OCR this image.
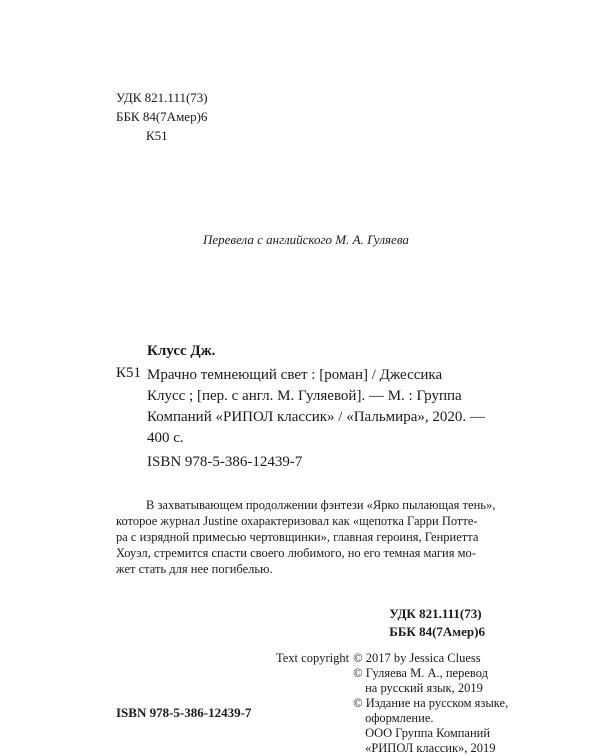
УДК 821.111(73)
ББК 84(7Амер)6
К51
Перевела с английского М. А. Гуляева
Клусс Дж.
К51 Мрачно темнеющий свет : [роман] / Джессика
Клусс ; [пер. с англ. М. Гуляевой]. — М. : Группа
Компаний «РИПОЛ классик» / «Пальмира», 2020. —
400 с.
ISBN 978-5-386-12439-7
В захватывающем продолжении фэнтези «Ярко пылающая тень»,
которое журнал Justine охарактеризовал как «щепотка Гарри Потте-
ра с изрядной примесью чертовщинки», главная героиня, Генриетта
Хоуэл, стремится спасти своего любимого, но его темная магия мо-
жет стать для нее погибелью.
УДК 821.111(73)
ББК 84(7Амер)6
Text copyright	© 2017 by Jessica Cluess
© Гуляева М. А., перевод
на русский язык, 2019
© Издание на русском языке,
оформление.
ООО Группа Компаний
«РИПОЛ классик», 2019
ISBN 978-5-386-12439-7
